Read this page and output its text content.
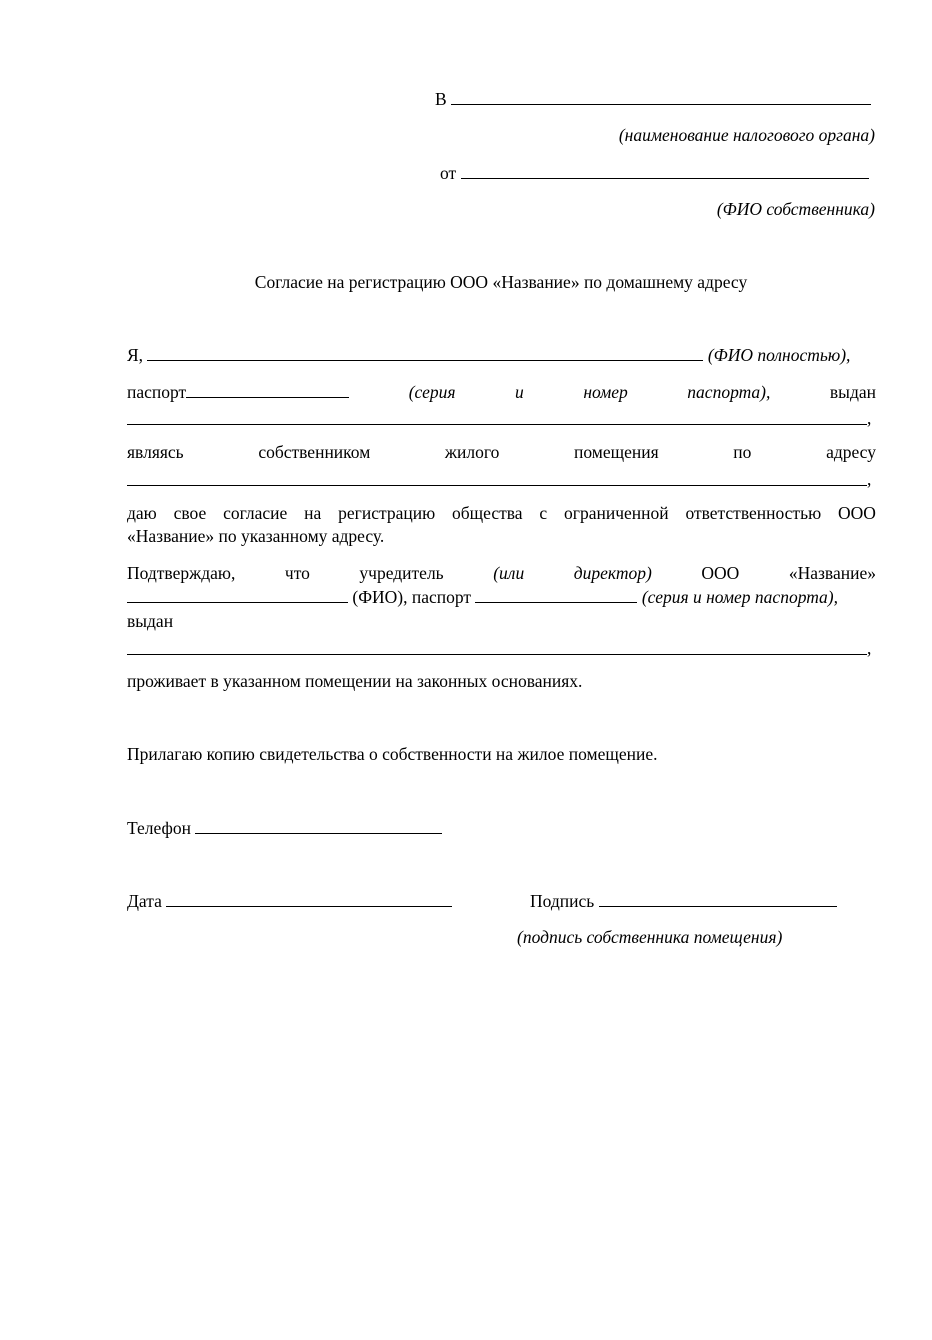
В
(наименование налогового органа)
от
(ФИО собственника)
Согласие на регистрацию ООО «Название» по домашнему адресу
Я,	(ФИО полностью),
паспорт	(серия	и	номер	паспорта),	выдан
,
являясь	собственником	жилого	помещения	по	адресу
,
даю свое согласие на регистрацию общества с ограниченной ответственностью ООО
«Название» по указанному адресу.
Подтверждаю,	что	учредитель	(или	директор)	ООО	«Название»
(ФИО), паспорт	(серия и номер паспорта),
выдан
,
проживает в указанном помещении на законных основаниях.
Прилагаю копию свидетельства о собственности на жилое помещение.
Телефон
Дата	Подпись
(подпись собственника помещения)
